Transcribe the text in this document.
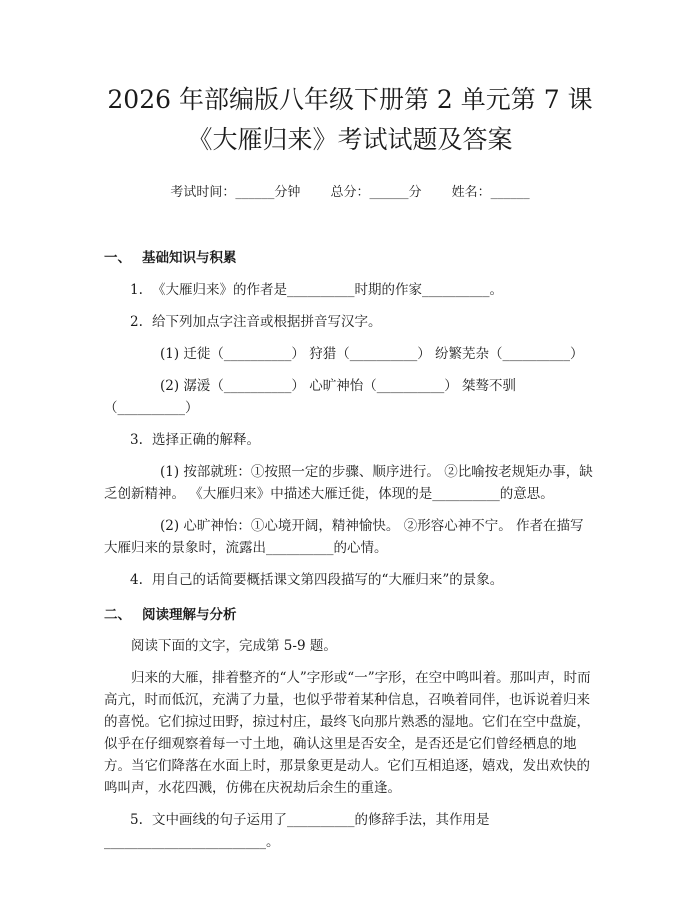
2026 年部编版八年级下册第 2 单元第 7 课
《大雁归来》考试试题及答案
考试时间：______分钟 总分：______分 姓名：______
一、 基础知识与积累

1. 《大雁归来》的作者是__________时期的作家__________。

2. 给下列加点字注音或根据拼音写汉字。

(1) 迁徙（__________） 狩猎（__________） 纷繁芜杂（__________）

(2) 潺湲（__________） 心旷神怡（__________） 桀骜不驯（__________）

3. 选择正确的解释。

(1) 按部就班：①按照一定的步骤、顺序进行。 ②比喻按老规矩办事，缺乏创新精神。 《大雁归来》中描述大雁迁徙，体现的是__________的意思。

(2) 心旷神怡：①心境开阔，精神愉快。 ②形容心神不宁。 作者在描写大雁归来的景象时，流露出__________的心情。

4. 用自己的话简要概括课文第四段描写的“大雁归来”的景象。

二、 阅读理解与分析

阅读下面的文字，完成第 5-9 题。

归来的大雁，排着整齐的“人”字形或“一”字形，在空中鸣叫着。那叫声，时而高亢，时而低沉，充满了力量，也似乎带着某种信息，召唤着同伴，也诉说着归来的喜悦。它们掠过田野，掠过村庄，最终飞向那片熟悉的湿地。它们在空中盘旋，似乎在仔细观察着每一寸土地，确认这里是否安全，是否还是它们曾经栖息的地方。当它们降落在水面上时，那景象更是动人。它们互相追逐，嬉戏，发出欢快的鸣叫声，水花四溅，仿佛在庆祝劫后余生的重逢。

5. 文中画线的句子运用了__________的修辞手法，其作用是________________________。
